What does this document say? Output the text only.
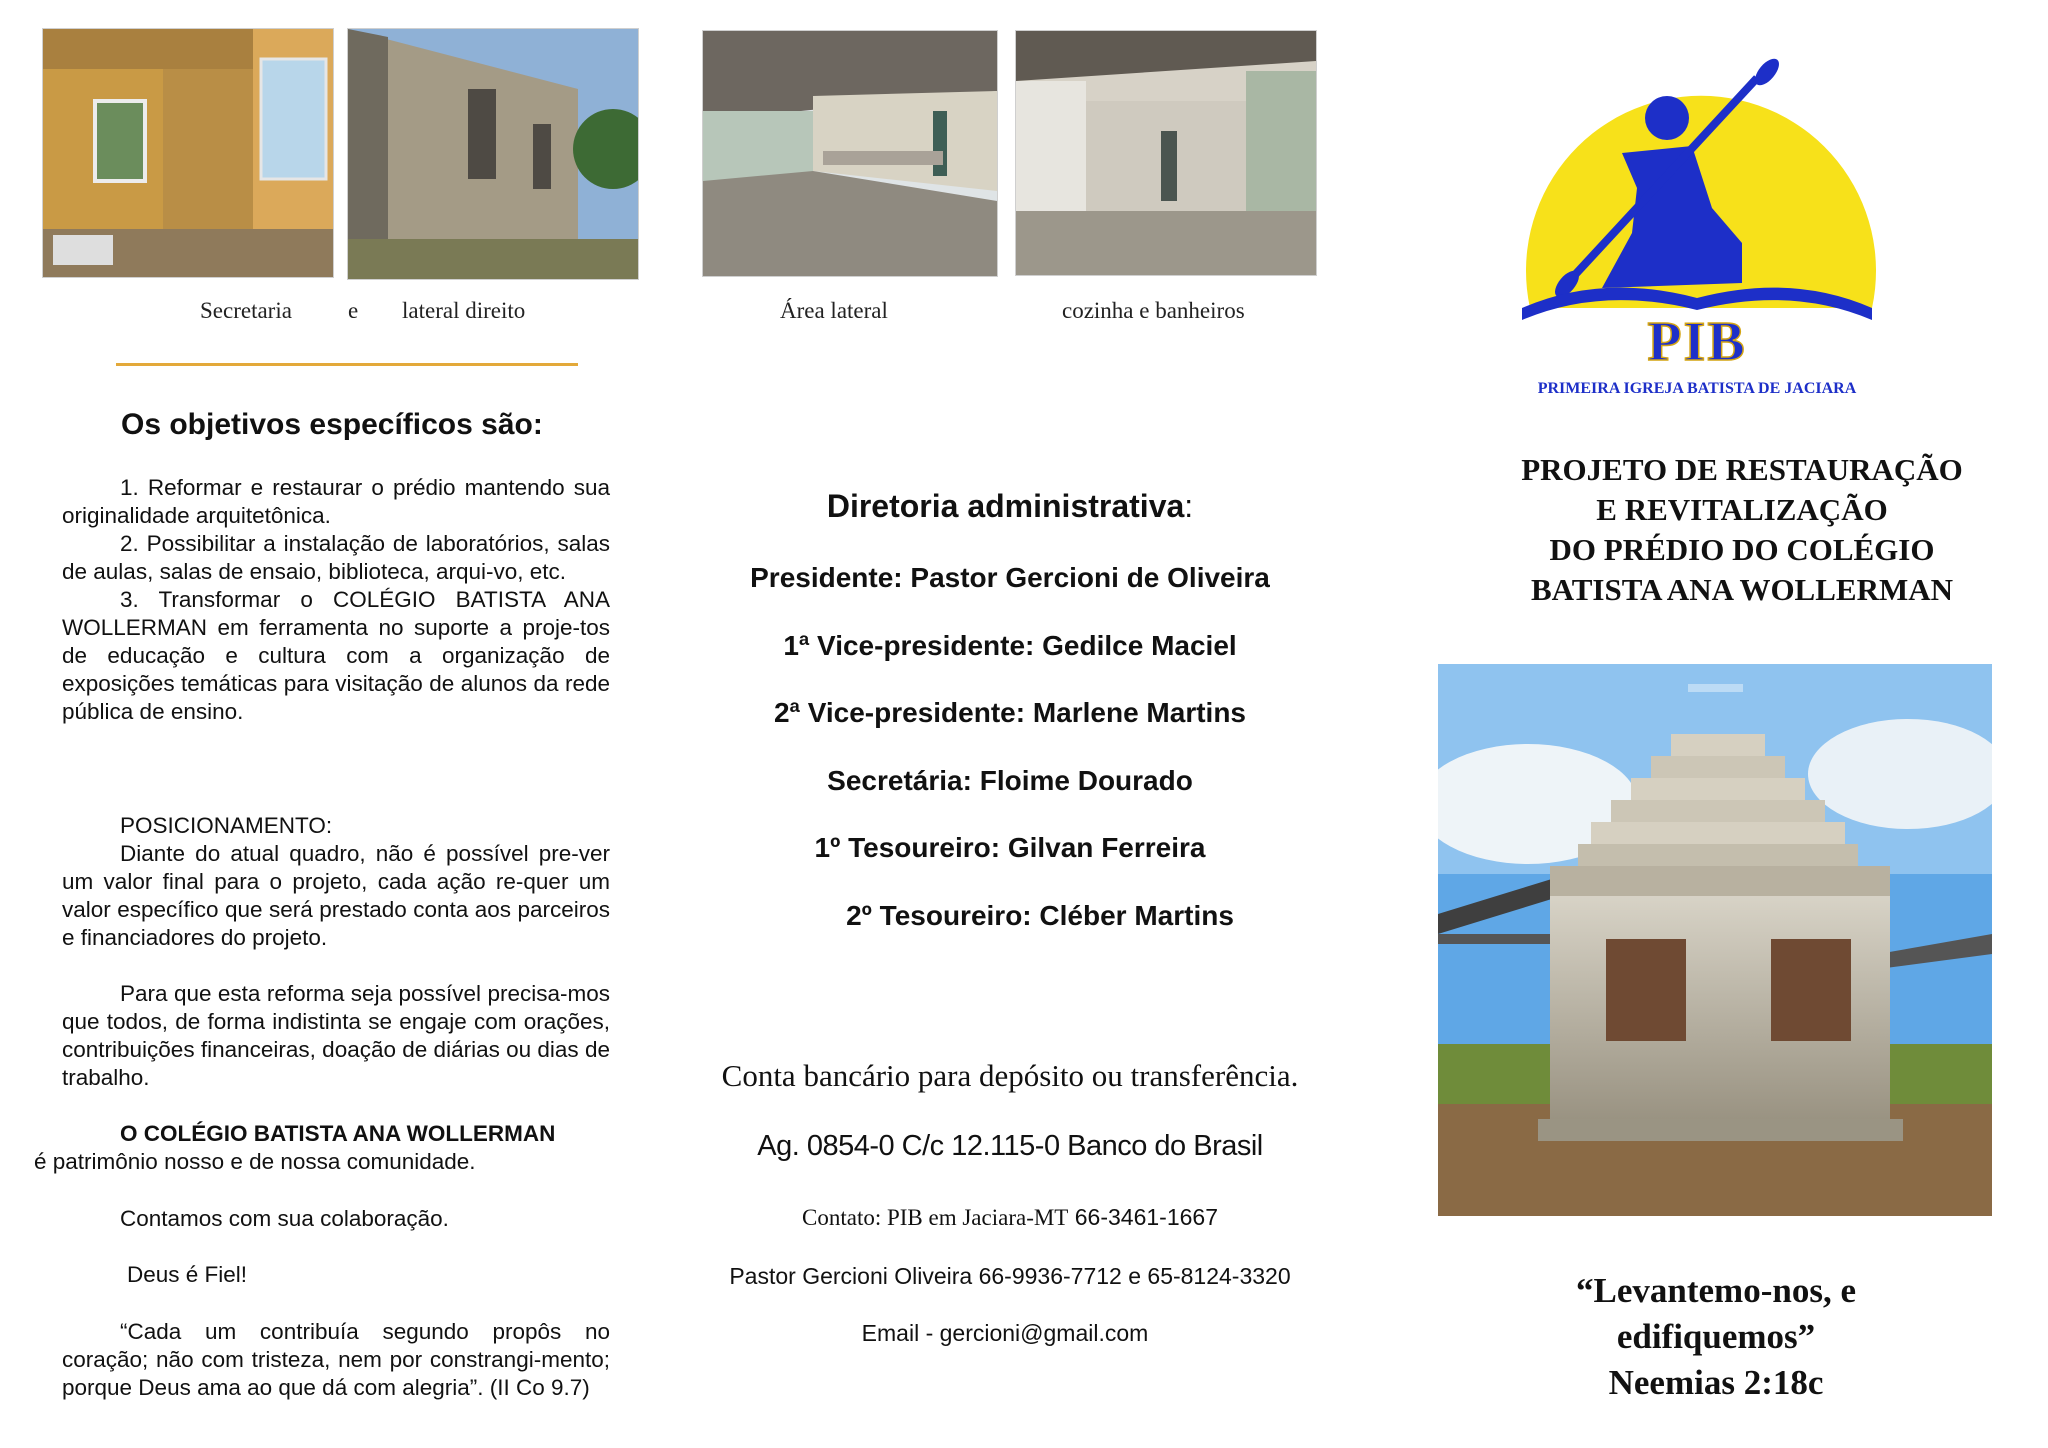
Secretaria e lateral direito	Área lateral	cozinha e banheiros
Os objetivos específicos são:

1. Reformar e restaurar o prédio mantendo sua originalidade arquitetônica.

2. Possibilitar a instalação de laboratórios, salas de aulas, salas de ensaio, biblioteca, arqui-vo, etc.

3. Transformar o COLÉGIO BATISTA ANA WOLLERMAN em ferramenta no suporte a proje-tos de educação e cultura com a organização de exposições temáticas para visitação de alunos da rede pública de ensino.

POSICIONAMENTO:

Diante do atual quadro, não é possível pre-ver um valor final para o projeto, cada ação re-quer um valor específico que será prestado conta aos parceiros e financiadores do projeto.

Para que esta reforma seja possível precisa-mos que todos, de forma indistinta se engaje com orações, contribuições financeiras, doação de diárias ou dias de trabalho.

O COLÉGIO BATISTA ANA WOLLERMAN

é patrimônio nosso e de nossa comunidade.

Contamos com sua colaboração.

Deus é Fiel!

“Cada um contribuía segundo propôs no coração; não com tristeza, nem por constrangi-mento; porque Deus ama ao que dá com alegria”. (II Co 9.7)

Diretoria administrativa:
Presidente: Pastor Gercioni de Oliveira
1ª Vice-presidente: Gedilce Maciel
2ª Vice-presidente: Marlene Martins
Secretária: Floime Dourado
1º Tesoureiro: Gilvan Ferreira
2º Tesoureiro: Cléber Martins
Conta bancário para depósito ou transferência.
Ag. 0854-0 C/c 12.115-0 Banco do Brasil
Contato: PIB em Jaciara-MT 66-3461-1667
Pastor Gercioni Oliveira 66-9936-7712 e 65-8124-3320
Email - gercioni@gmail.com
PIB
PRIMEIRA IGREJA BATISTA DE JACIARA
PROJETO DE RESTAURAÇÃO
E REVITALIZAÇÃO
DO PRÉDIO DO COLÉGIO
BATISTA ANA WOLLERMAN
“Levantemo-nos, e
edifiquemos”
Neemias 2:18c
